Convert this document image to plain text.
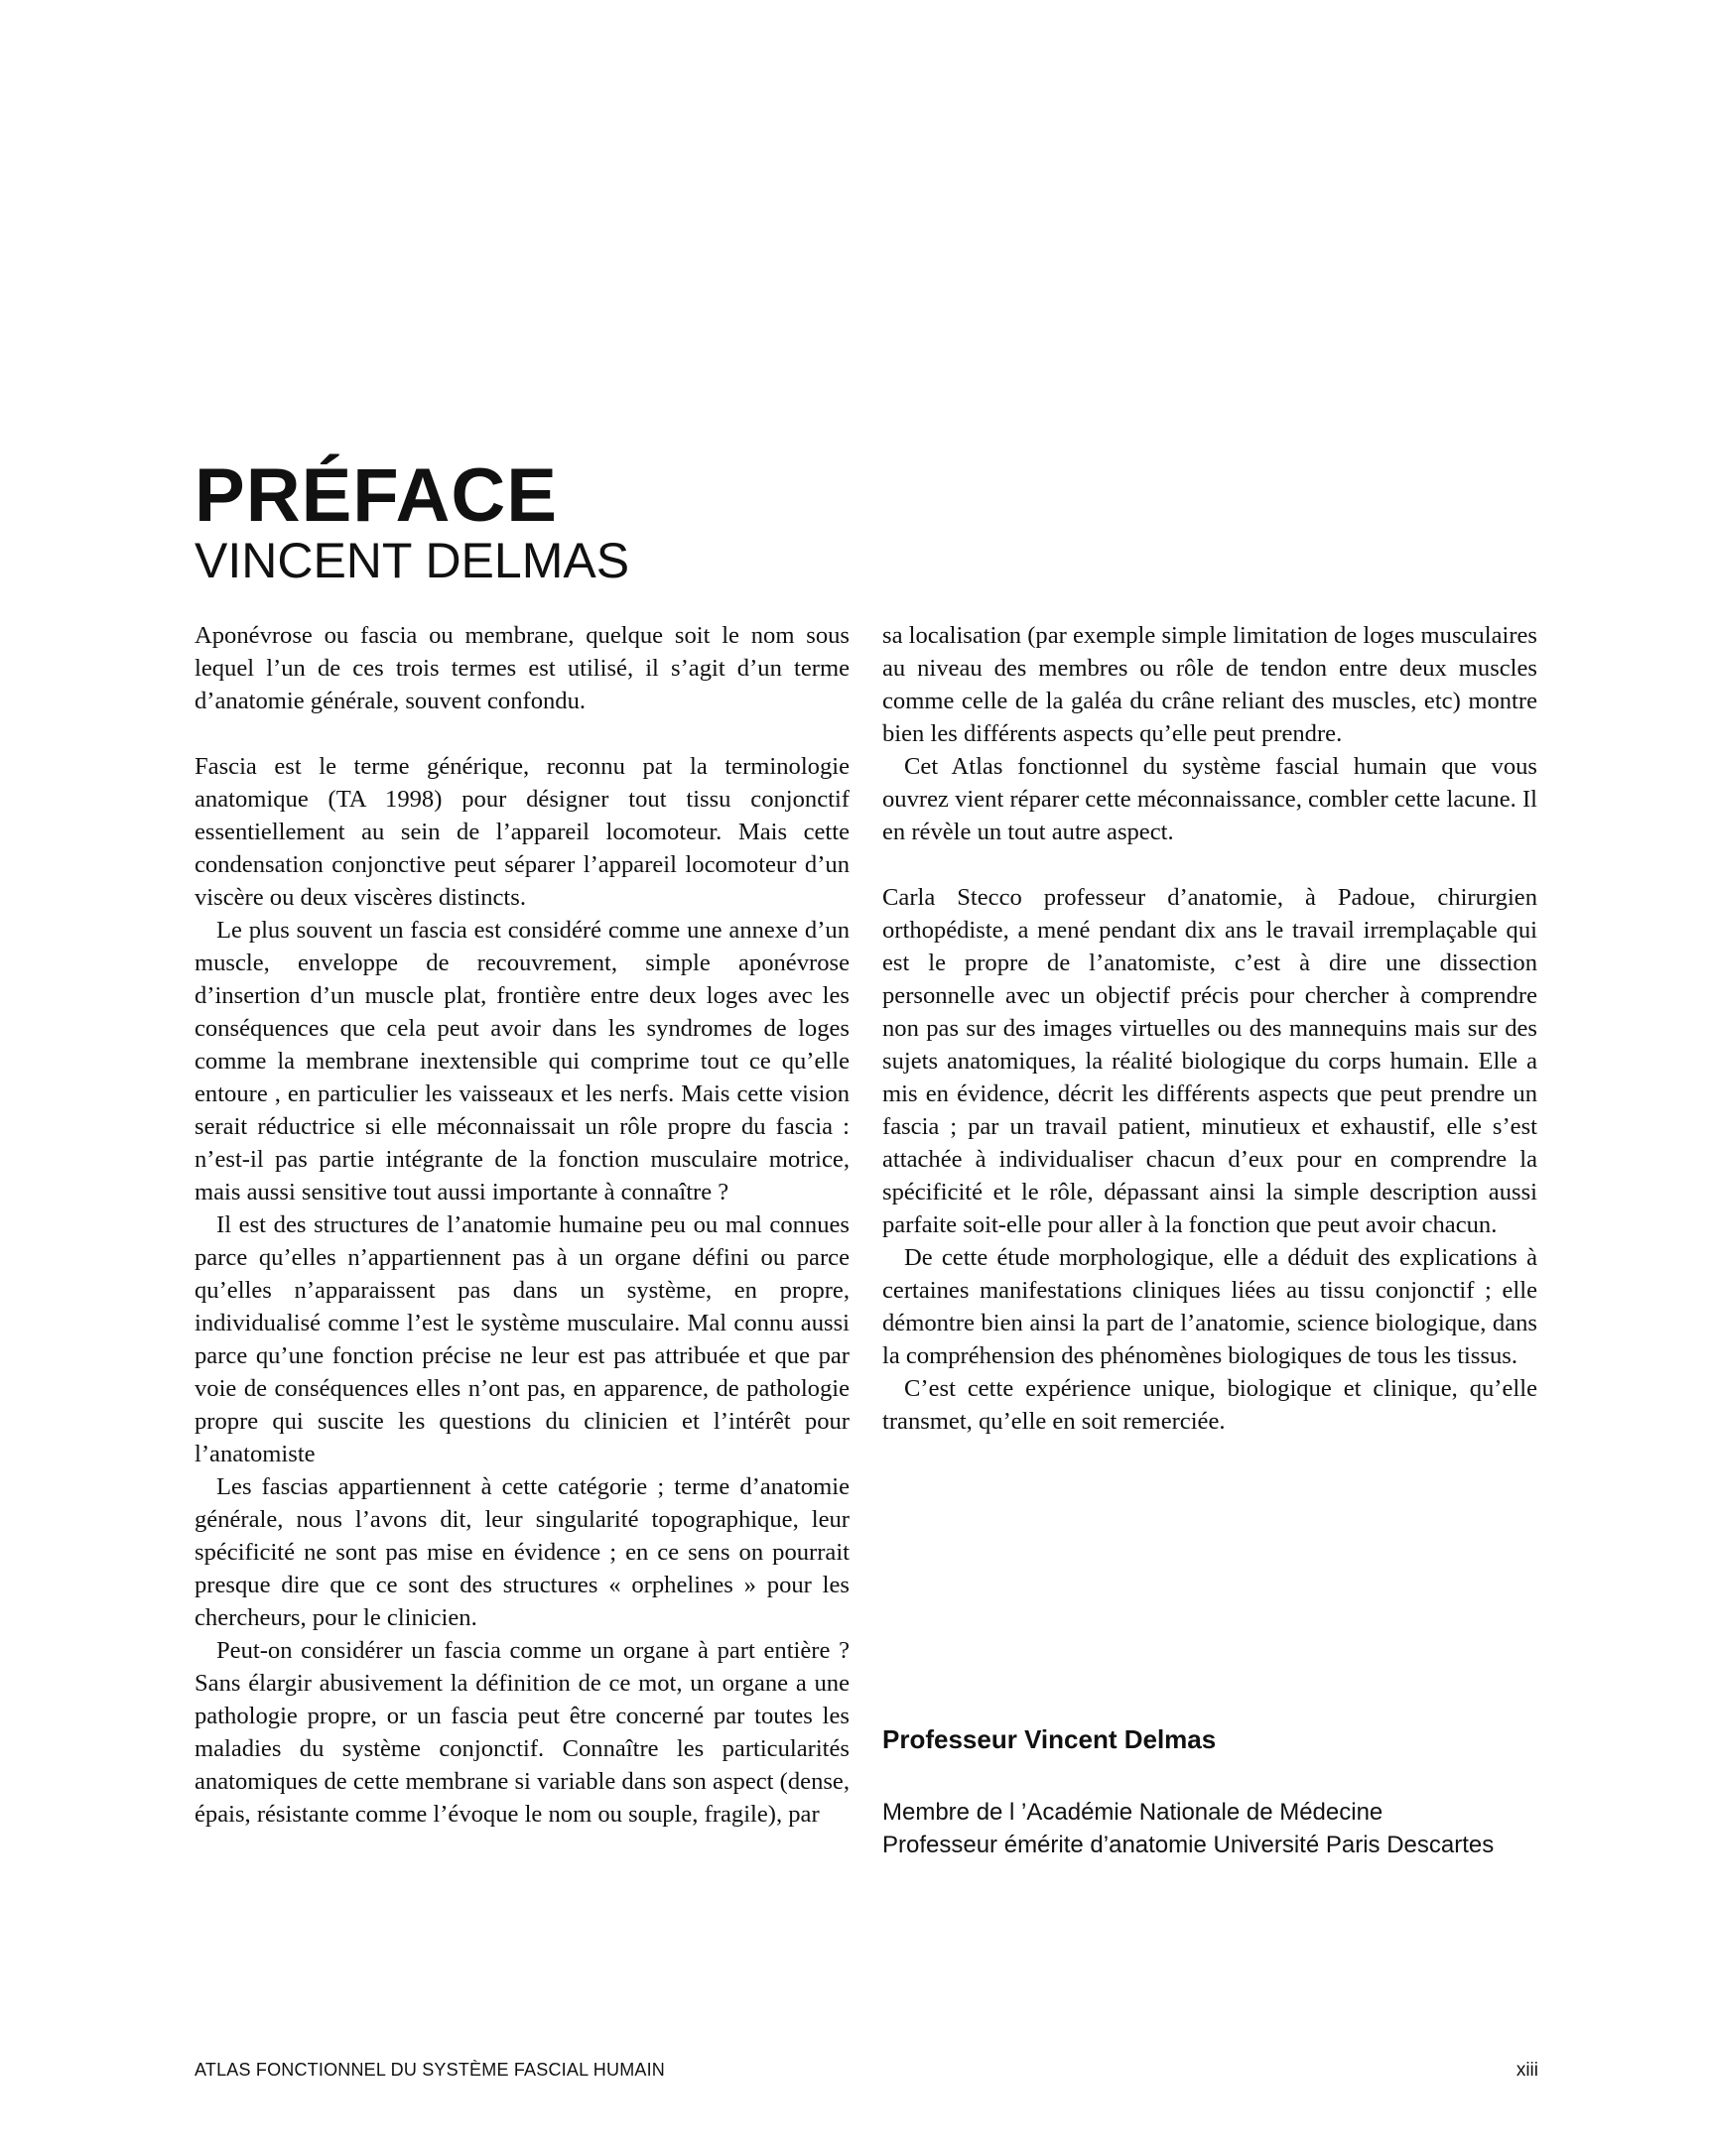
PRÉFACE
VINCENT DELMAS

Aponévrose ou fascia ou membrane, quelque soit le nom sous lequel l’un de ces trois termes est utilisé, il s’agit d’un terme d’anatomie générale, souvent confondu.

Fascia est le terme générique, reconnu pat la terminologie anatomique (TA 1998) pour désigner tout tissu conjonctif essentiellement au sein de l’appareil locomoteur. Mais cette condensation conjonctive peut séparer l’appareil locomoteur d’un viscère ou deux viscères distincts.

Le plus souvent un fascia est considéré comme une annexe d’un muscle, enveloppe de recouvrement, simple aponévrose d’insertion d’un muscle plat, frontière entre deux loges avec les conséquences que cela peut avoir dans les syndromes de loges comme la membrane inextensible qui comprime tout ce qu’elle entoure , en particulier les vaisseaux et les nerfs. Mais cette vision serait réductrice si elle méconnaissait un rôle propre du fascia : n’est-il pas partie intégrante de la fonction musculaire motrice, mais aussi sensitive tout aussi importante à connaître ?

Il est des structures de l’anatomie humaine peu ou mal connues parce qu’elles n’appartiennent pas à un organe défini ou parce qu’elles n’apparaissent pas dans un système, en propre, individualisé comme l’est le système musculaire. Mal connu aussi parce qu’une fonction précise ne leur est pas attribuée et que par voie de conséquences elles n’ont pas, en apparence, de pathologie propre qui suscite les questions du clinicien et l’intérêt pour l’anatomiste

Les fascias appartiennent à cette catégorie ; terme d’anatomie générale, nous l’avons dit, leur singularité topographique, leur spécificité ne sont pas mise en évidence ; en ce sens on pourrait presque dire que ce sont des structures « orphelines » pour les chercheurs, pour le clinicien.

Peut-on considérer un fascia comme un organe à part entière ? Sans élargir abusivement la définition de ce mot, un organe a une pathologie propre, or un fascia peut être concerné par toutes les maladies du système conjonctif. Connaître les particularités anatomiques de cette membrane si variable dans son aspect (dense, épais, résistante comme l’évoque le nom ou souple, fragile), par

sa localisation (par exemple simple limitation de loges musculaires au niveau des membres ou rôle de tendon entre deux muscles comme celle de la galéa du crâne reliant des muscles, etc) montre bien les différents aspects qu’elle peut prendre.

Cet Atlas fonctionnel du système fascial humain que vous ouvrez vient réparer cette méconnaissance, combler cette lacune. Il en révèle un tout autre aspect.

Carla Stecco professeur d’anatomie, à Padoue, chirurgien orthopédiste, a mené pendant dix ans le travail irremplaçable qui est le propre de l’anatomiste, c’est à dire une dissection personnelle avec un objectif précis pour chercher à comprendre non pas sur des images virtuelles ou des mannequins mais sur des sujets anatomiques, la réalité biologique du corps humain. Elle a mis en évidence, décrit les différents aspects que peut prendre un fascia ; par un travail patient, minutieux et exhaustif, elle s’est attachée à individualiser chacun d’eux pour en comprendre la spécificité et le rôle, dépassant ainsi la simple description aussi parfaite soit-elle pour aller à la fonction que peut avoir chacun.

De cette étude morphologique, elle a déduit des explications à certaines manifestations cliniques liées au tissu conjonctif ; elle démontre bien ainsi la part de l’anatomie, science biologique, dans la compréhension des phénomènes biologiques de tous les tissus.

C’est cette expérience unique, biologique et clinique, qu’elle transmet, qu’elle en soit remerciée.

Professeur Vincent Delmas
Membre de l ’Académie Nationale de Médecine
Professeur émérite d’anatomie Université Paris Descartes
ATLAS FONCTIONNEL DU SYSTÈME FASCIAL HUMAIN	xiii
